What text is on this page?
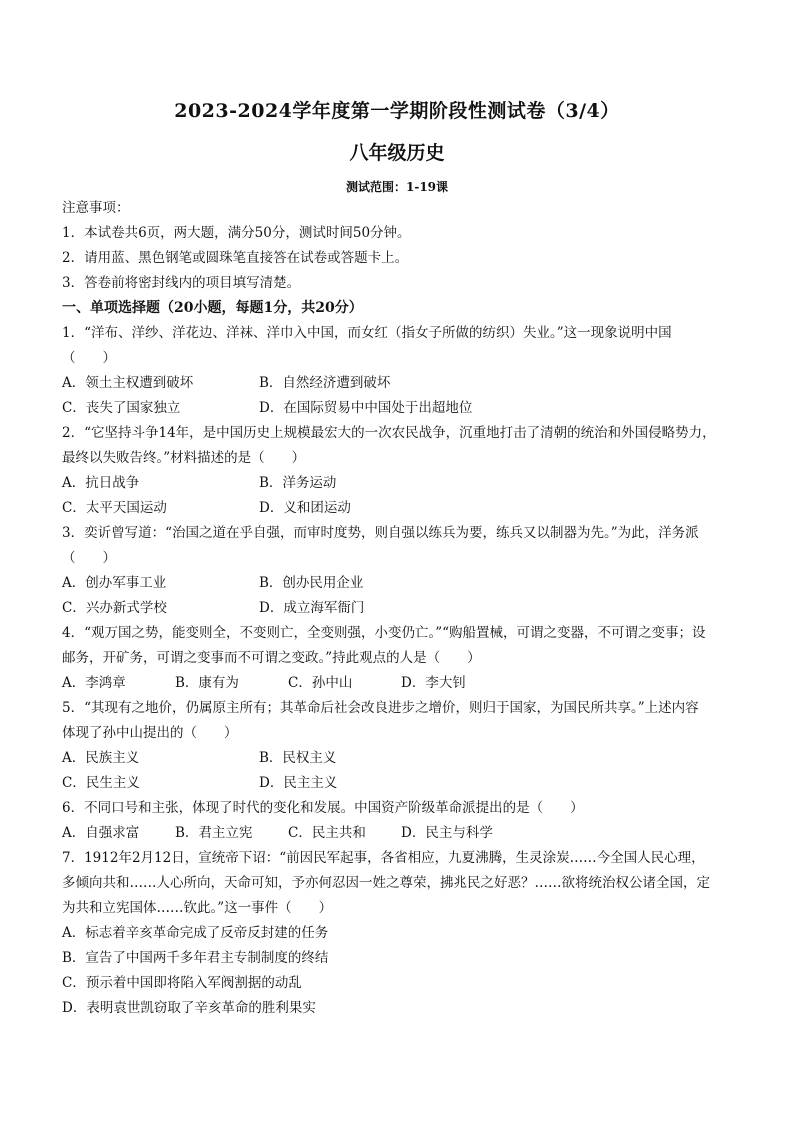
2023-2024学年度第一学期阶段性测试卷（3/4）
八年级历史
测试范围：1-19课
注意事项：
1．本试卷共6页，两大题，满分50分，测试时间50分钟。
2．请用蓝、黑色钢笔或圆珠笔直接答在试卷或答题卡上。
3．答卷前将密封线内的项目填写清楚。
一、单项选择题（20小题，每题1分，共20分）
1．“洋布、洋纱、洋花边、洋袜、洋巾入中国，而女红（指女子所做的纺织）失业。”这一现象说明中国
（　　）
A．领土主权遭到破坏	B．自然经济遭到破坏
C．丧失了国家独立	D．在国际贸易中中国处于出超地位
2．“它坚持斗争14年，是中国历史上规模最宏大的一次农民战争，沉重地打击了清朝的统治和外国侵略势力，
最终以失败告终。”材料描述的是（　　）
A．抗日战争	B．洋务运动
C．太平天国运动	D．义和团运动
3．奕䜣曾写道：“治国之道在乎自强，而审时度势，则自强以练兵为要，练兵又以制器为先。”为此，洋务派
（　　）
A．创办军事工业	B．创办民用企业
C．兴办新式学校	D．成立海军衙门
4．“观万国之势，能变则全，不变则亡，全变则强，小变仍亡。”“购船置械，可谓之变器，不可谓之变事；设
邮务，开矿务，可谓之变事而不可谓之变政。”持此观点的人是（　　）
A．李鸿章	B．康有为	C．孙中山	D．李大钊
5．“其现有之地价，仍属原主所有；其革命后社会改良进步之增价，则归于国家，为国民所共享。”上述内容
体现了孙中山提出的（　　）
A．民族主义	B．民权主义
C．民生主义	D．民主主义
6．不同口号和主张，体现了时代的变化和发展。中国资产阶级革命派提出的是（　　）
A．自强求富	B．君主立宪	C．民主共和	D．民主与科学
7．1912年2月12日，宣统帝下诏：“前因民军起事，各省相应，九夏沸腾，生灵涂炭……今全国人民心理，
多倾向共和……人心所向，天命可知，予亦何忍因一姓之尊荣，拂兆民之好恶？……欲将统治权公诸全国，定
为共和立宪国体……钦此。”这一事件（　　）
A．标志着辛亥革命完成了反帝反封建的任务
B．宣告了中国两千多年君主专制制度的终结
C．预示着中国即将陷入军阀割据的动乱
D．表明袁世凯窃取了辛亥革命的胜利果实
